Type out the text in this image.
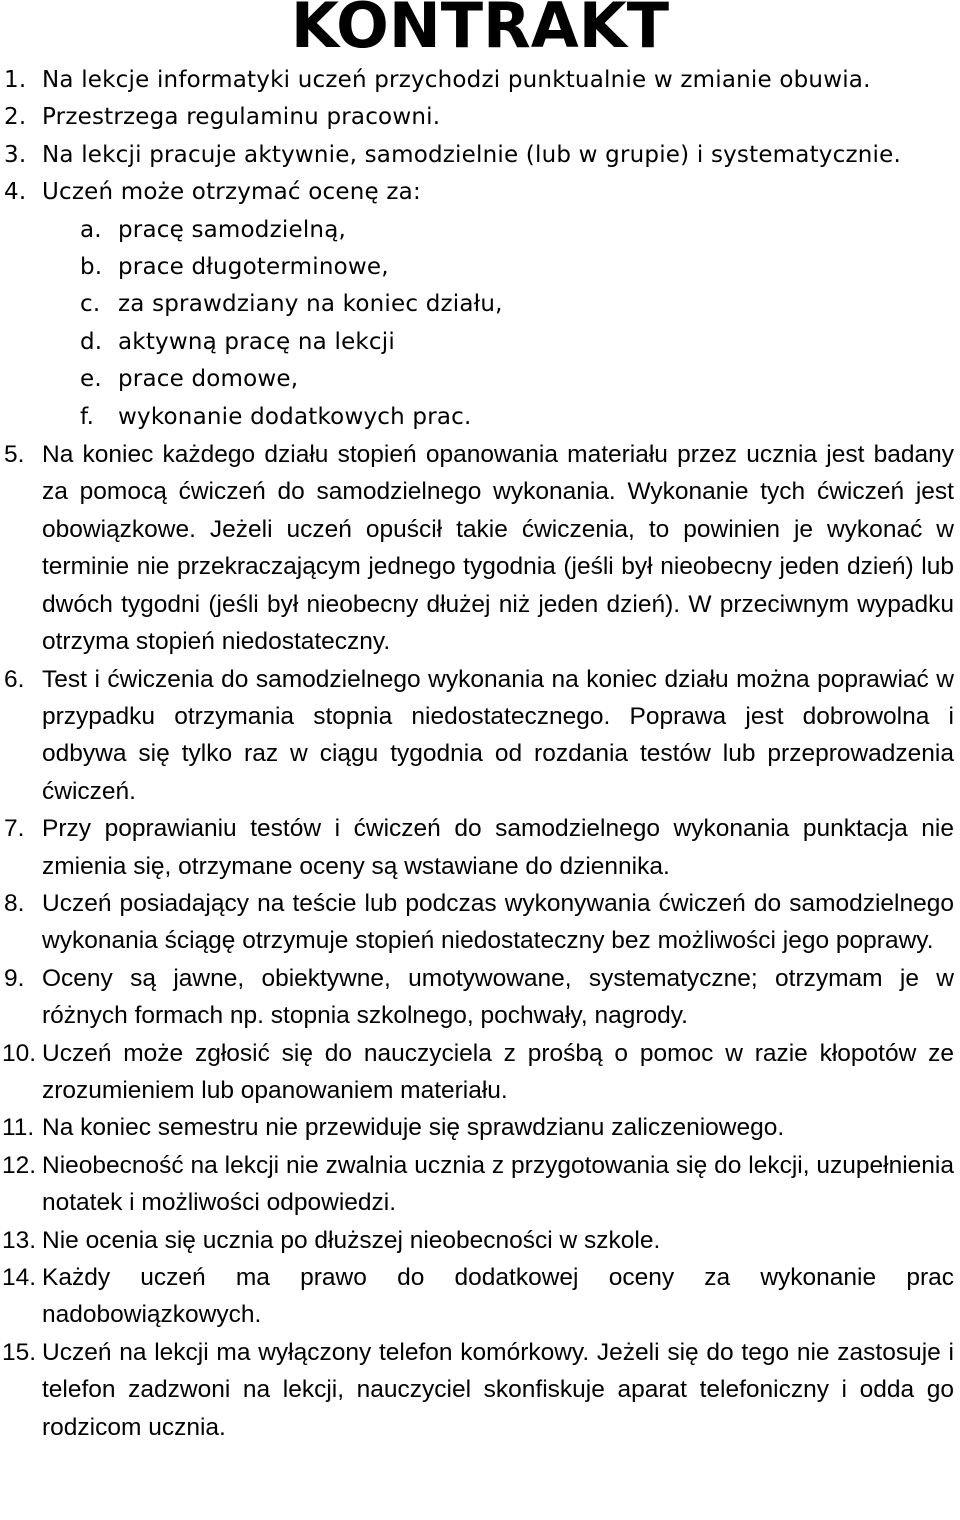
KONTRAKT
1. Na lekcje informatyki uczeń przychodzi punktualnie w zmianie obuwia.
2. Przestrzega regulaminu pracowni.
3. Na lekcji pracuje aktywnie, samodzielnie (lub w grupie) i systematycznie.
4. Uczeń może otrzymać ocenę za:
a. pracę samodzielną,
b. prace długoterminowe,
c. za sprawdziany na koniec działu,
d. aktywną pracę na lekcji
e. prace domowe,
f. wykonanie dodatkowych prac.
5. Na koniec każdego działu stopień opanowania materiału przez ucznia jest badany za pomocą ćwiczeń do samodzielnego wykonania. Wykonanie tych ćwiczeń jest obowiązkowe. Jeżeli uczeń opuścił takie ćwiczenia, to powinien je wykonać w terminie nie przekraczającym jednego tygodnia (jeśli był nieobecny jeden dzień) lub dwóch tygodni (jeśli był nieobecny dłużej niż jeden dzień). W przeciwnym wypadku otrzyma stopień niedostateczny.
6. Test i ćwiczenia do samodzielnego wykonania na koniec działu można poprawiać w przypadku otrzymania stopnia niedostatecznego. Poprawa jest dobrowolna i odbywa się tylko raz w ciągu tygodnia od rozdania testów lub przeprowadzenia ćwiczeń.
7. Przy poprawianiu testów i ćwiczeń do samodzielnego wykonania punktacja nie zmienia się, otrzymane oceny są wstawiane do dziennika.
8. Uczeń posiadający na teście lub podczas wykonywania ćwiczeń do samodzielnego wykonania ściągę otrzymuje stopień niedostateczny bez możliwości jego poprawy.
9. Oceny są jawne, obiektywne, umotywowane, systematyczne; otrzymam je w różnych formach np. stopnia szkolnego, pochwały, nagrody.
10. Uczeń może zgłosić się do nauczyciela z prośbą o pomoc w razie kłopotów ze zrozumieniem lub opanowaniem materiału.
11. Na koniec semestru nie przewiduje się sprawdzianu zaliczeniowego.
12. Nieobecność na lekcji nie zwalnia ucznia z przygotowania się do lekcji, uzupełnienia notatek i możliwości odpowiedzi.
13. Nie ocenia się ucznia po dłuższej nieobecności w szkole.
14. Każdy uczeń ma prawo do dodatkowej oceny za wykonanie prac nadobowiązkowych.
15. Uczeń na lekcji ma wyłączony telefon komórkowy. Jeżeli się do tego nie zastosuje i telefon zadzwoni na lekcji, nauczyciel skonfiskuje aparat telefoniczny i odda go rodzicom ucznia.
